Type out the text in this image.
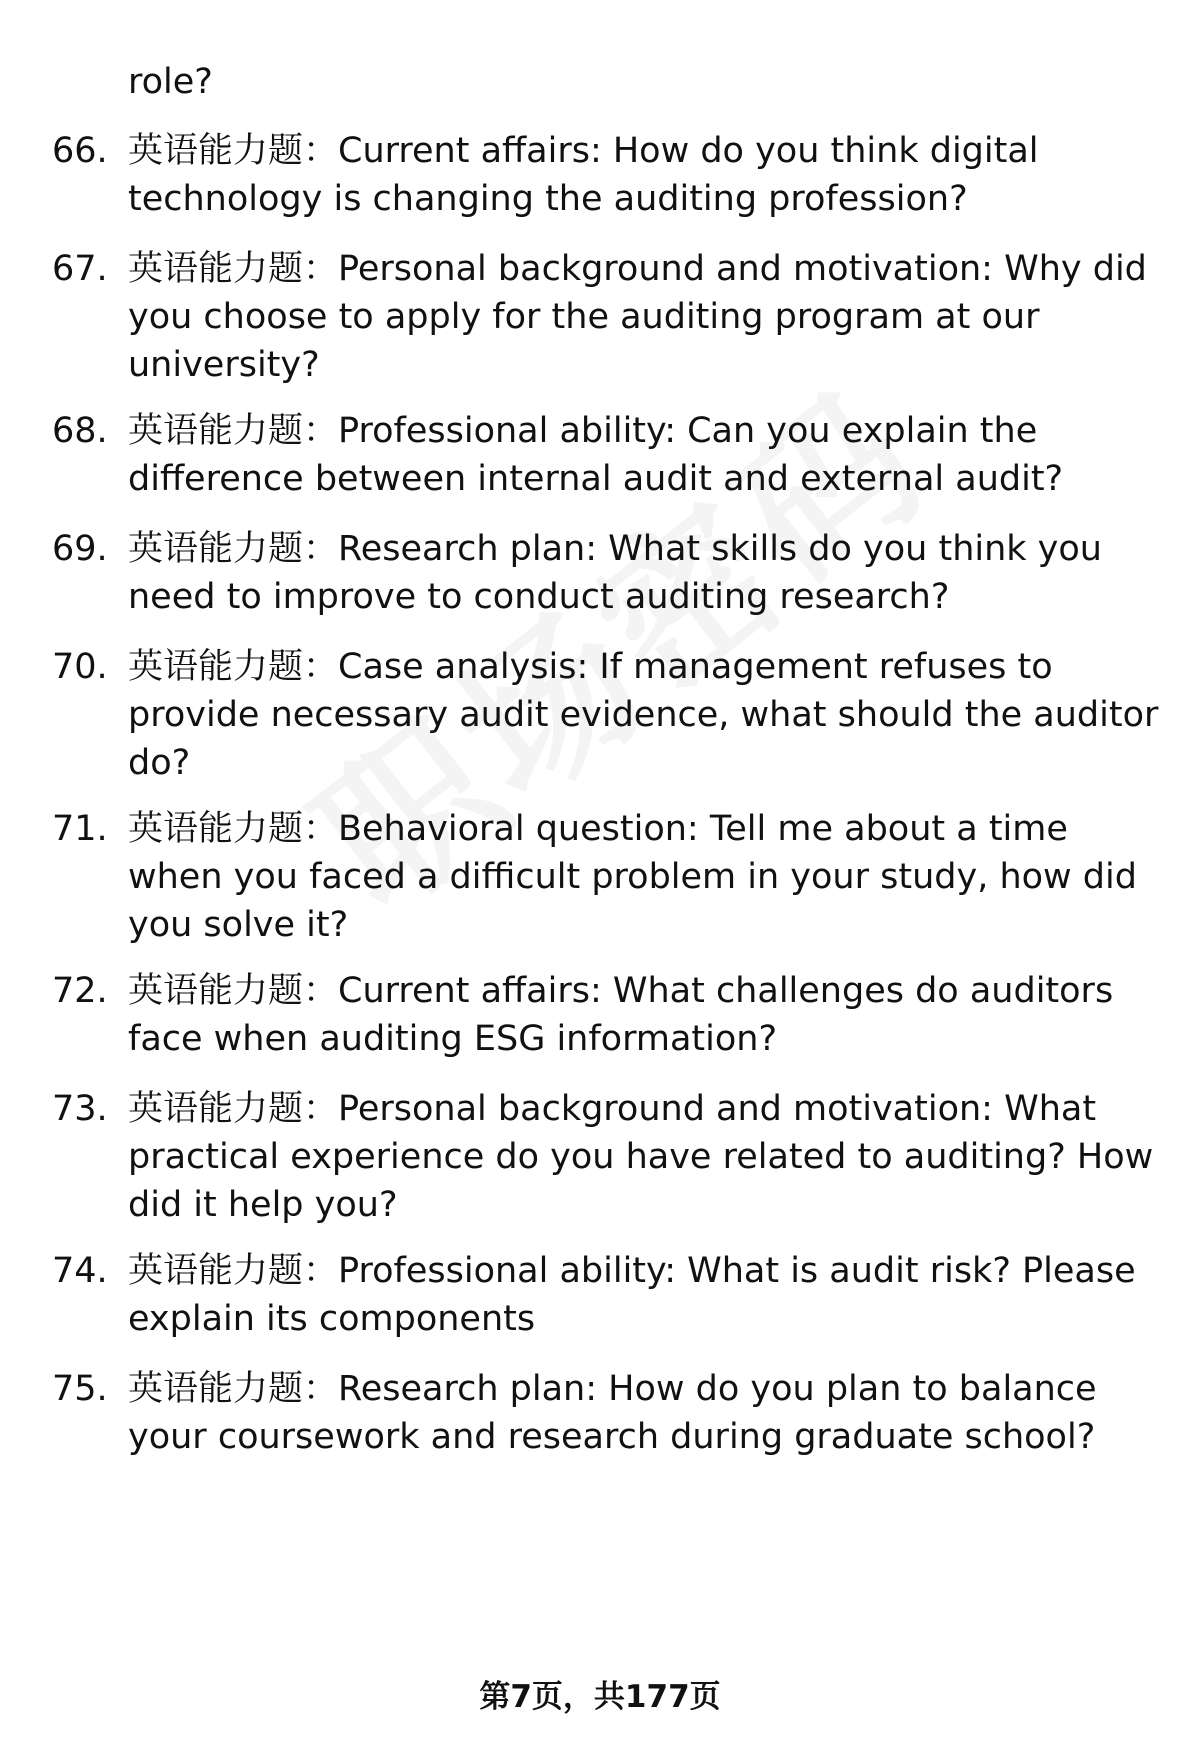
role?
66. 英语能力题：Current affairs: How do you think digital
technology is changing the auditing profession?
67. 英语能力题：Personal background and motivation: Why did
you choose to apply for the auditing program at our
university?
68. 英语能力题：Professional ability: Can you explain the
difference between internal audit and external audit?
69. 英语能力题：Research plan: What skills do you think you
need to improve to conduct auditing research?
70. 英语能力题：Case analysis: If management refuses to
provide necessary audit evidence, what should the auditor
do?
71. 英语能力题：Behavioral question: Tell me about a time
when you faced a difficult problem in your study, how did
you solve it?
72. 英语能力题：Current affairs: What challenges do auditors
face when auditing ESG information?
73. 英语能力题：Personal background and motivation: What
practical experience do you have related to auditing? How
did it help you?
74. 英语能力题：Professional ability: What is audit risk? Please
explain its components
75. 英语能力题：Research plan: How do you plan to balance
your coursework and research during graduate school?
第7页，共177页
